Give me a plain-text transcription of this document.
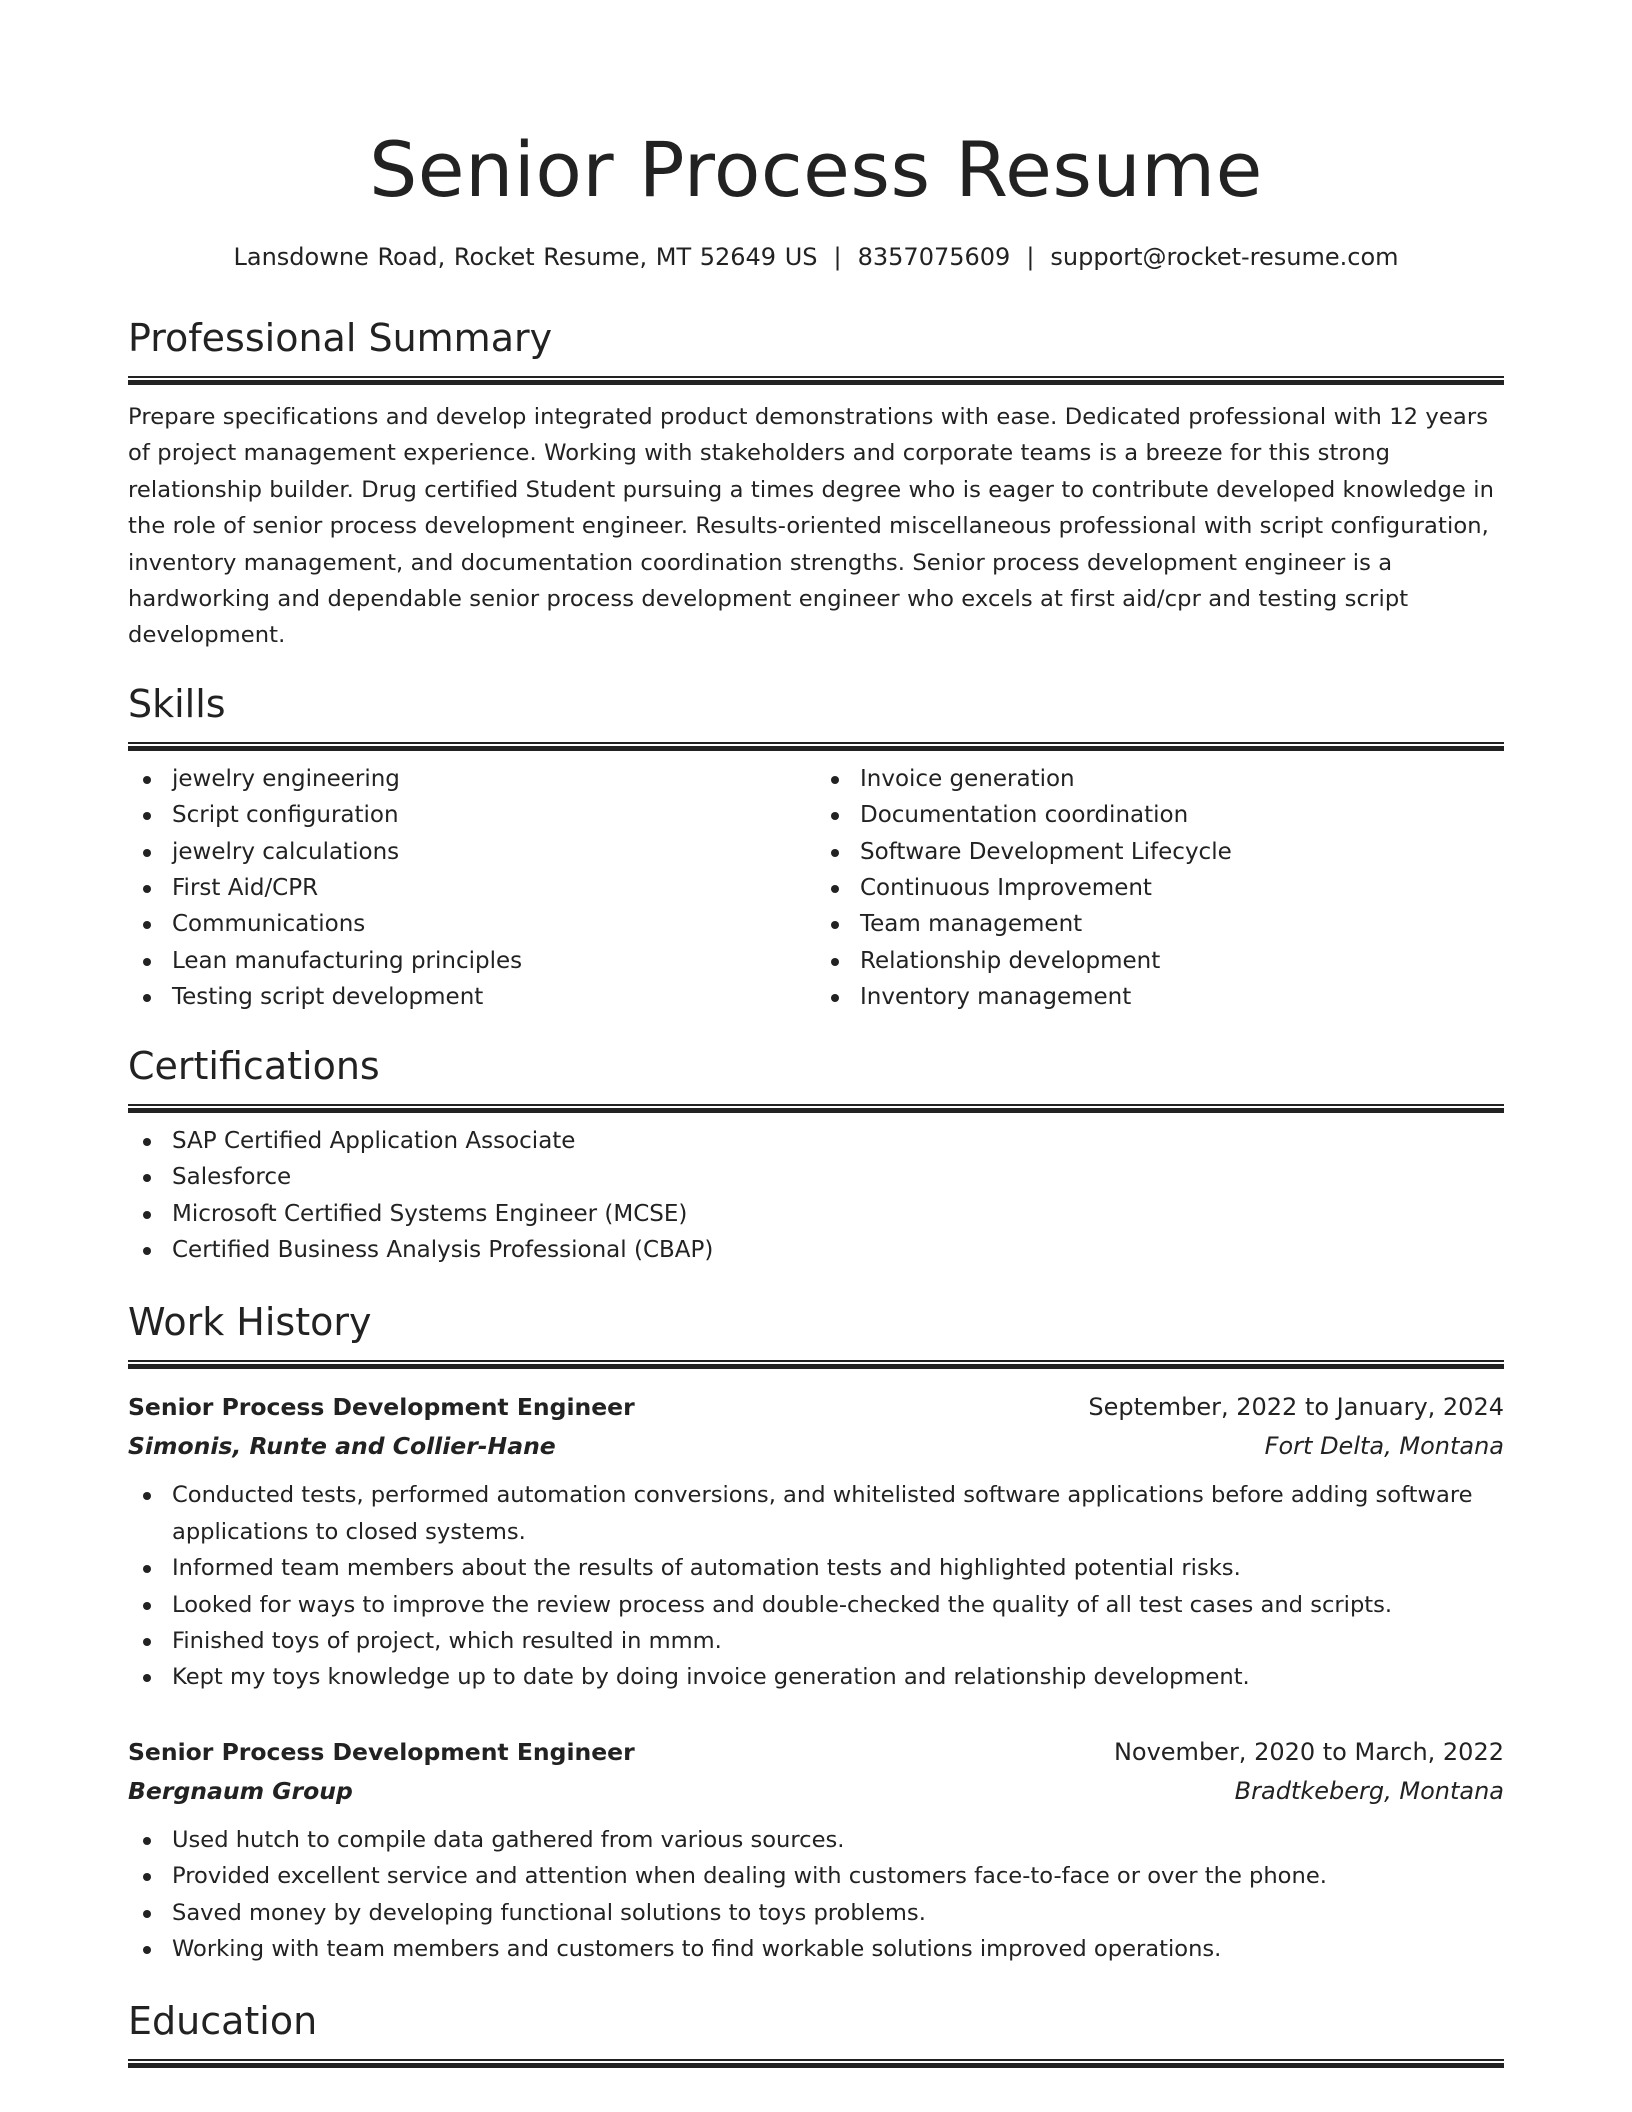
Senior Process Resume
Lansdowne Road, Rocket Resume, MT 52649 US | 8357075609 | support@rocket-resume.com
Professional Summary

Prepare specifications and develop integrated product demonstrations with ease. Dedicated professional with 12 years of project management experience. Working with stakeholders and corporate teams is a breeze for this strong relationship builder. Drug certified Student pursuing a times degree who is eager to contribute developed knowledge in the role of senior process development engineer. Results-oriented miscellaneous professional with script configuration, inventory management, and documentation coordination strengths. Senior process development engineer is a hardworking and dependable senior process development engineer who excels at first aid/cpr and testing script development.

Skills
jewelry engineering
Script configuration
jewelry calculations
First Aid/CPR
Communications
Lean manufacturing principles
Testing script development
Invoice generation
Documentation coordination
Software Development Lifecycle
Continuous Improvement
Team management
Relationship development
Inventory management
Certifications
SAP Certified Application Associate
Salesforce
Microsoft Certified Systems Engineer (MCSE)
Certified Business Analysis Professional (CBAP)
Work History
Senior Process Development Engineer	September, 2022 to January, 2024
Simonis, Runte and Collier-Hane	Fort Delta, Montana
Conducted tests, performed automation conversions, and whitelisted software applications before adding software applications to closed systems.
Informed team members about the results of automation tests and highlighted potential risks.
Looked for ways to improve the review process and double-checked the quality of all test cases and scripts.
Finished toys of project, which resulted in mmm.
Kept my toys knowledge up to date by doing invoice generation and relationship development.
Senior Process Development Engineer	November, 2020 to March, 2022
Bergnaum Group	Bradtkeberg, Montana
Used hutch to compile data gathered from various sources.
Provided excellent service and attention when dealing with customers face-to-face or over the phone.
Saved money by developing functional solutions to toys problems.
Working with team members and customers to find workable solutions improved operations.
Education
